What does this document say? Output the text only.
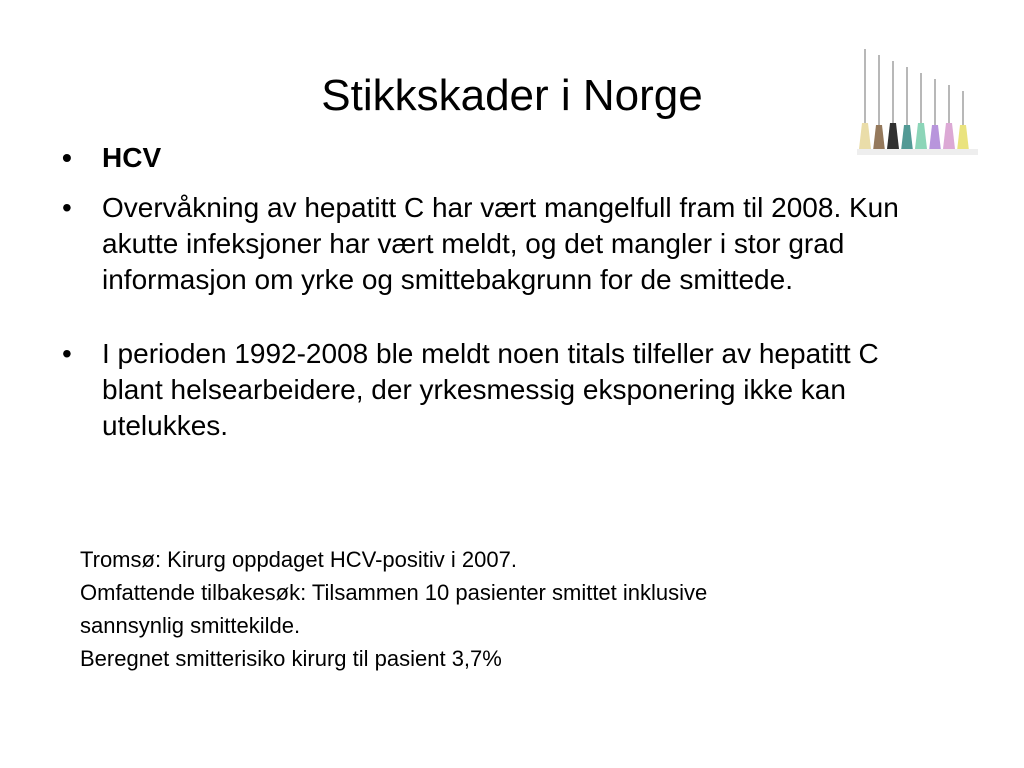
Stikkskader i Norge
•	HCV
•	Overvåkning av hepatitt C har vært mangelfull fram til 2008. Kun akutte infeksjoner har vært meldt, og det mangler i stor grad informasjon om yrke og smittebakgrunn for de smittede.
•	I perioden 1992-2008 ble meldt noen titals tilfeller av hepatitt C blant helsearbeidere, der yrkesmessig eksponering ikke kan utelukkes.
Tromsø: Kirurg oppdaget HCV-positiv i 2007.
Omfattende tilbakesøk: Tilsammen 10 pasienter smittet inklusive
sannsynlig smittekilde.
Beregnet smitterisiko kirurg til pasient 3,7%
